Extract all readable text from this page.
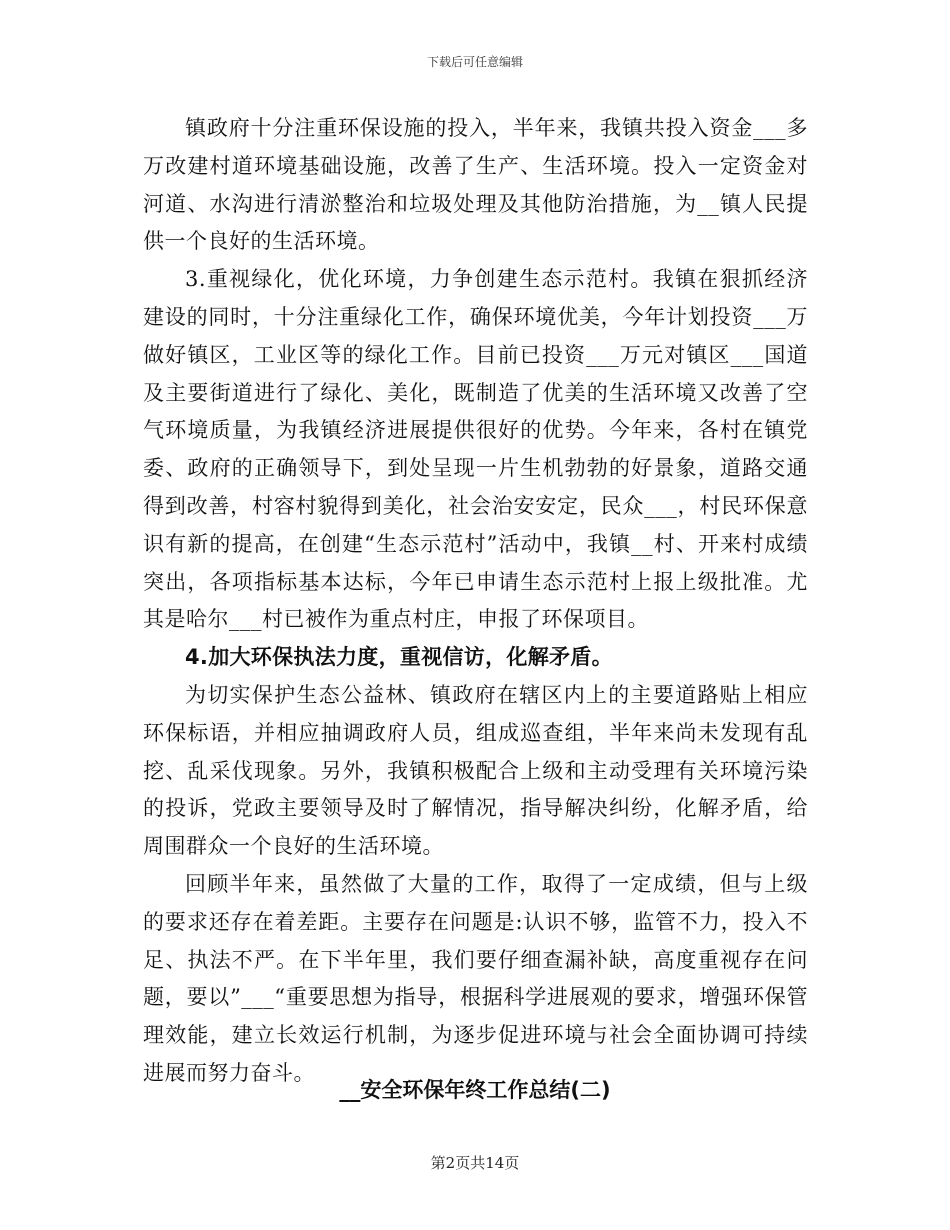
下载后可任意编辑

镇政府十分注重环保设施的投入，半年来，我镇共投入资金___多万改建村道环境基础设施，改善了生产、生活环境。投入一定资金对河道、水沟进行清淤整治和垃圾处理及其他防治措施，为__镇人民提供一个良好的生活环境。

3.重视绿化，优化环境，力争创建生态示范村。我镇在狠抓经济建设的同时，十分注重绿化工作，确保环境优美，今年计划投资___万做好镇区，工业区等的绿化工作。目前已投资___万元对镇区___国道及主要街道进行了绿化、美化，既制造了优美的生活环境又改善了空气环境质量，为我镇经济进展提供很好的优势。今年来，各村在镇党委、政府的正确领导下，到处呈现一片生机勃勃的好景象，道路交通得到改善，村容村貌得到美化，社会治安安定，民众___，村民环保意识有新的提高，在创建“生态示范村”活动中，我镇__村、开来村成绩突出，各项指标基本达标，今年已申请生态示范村上报上级批准。尤其是哈尔___村已被作为重点村庄，申报了环保项目。

4.加大环保执法力度，重视信访，化解矛盾。

为切实保护生态公益林、镇政府在辖区内上的主要道路贴上相应环保标语，并相应抽调政府人员，组成巡查组，半年来尚未发现有乱挖、乱采伐现象。另外，我镇积极配合上级和主动受理有关环境污染的投诉，党政主要领导及时了解情况，指导解决纠纷，化解矛盾，给周围群众一个良好的生活环境。

回顾半年来，虽然做了大量的工作，取得了一定成绩，但与上级的要求还存在着差距。主要存在问题是:认识不够，监管不力，投入不足、执法不严。在下半年里，我们要仔细查漏补缺，高度重视存在问题，要以”___“重要思想为指导，根据科学进展观的要求，增强环保管理效能，建立长效运行机制，为逐步促进环境与社会全面协调可持续进展而努力奋斗。

__安全环保年终工作总结(二)
第2页共14页
